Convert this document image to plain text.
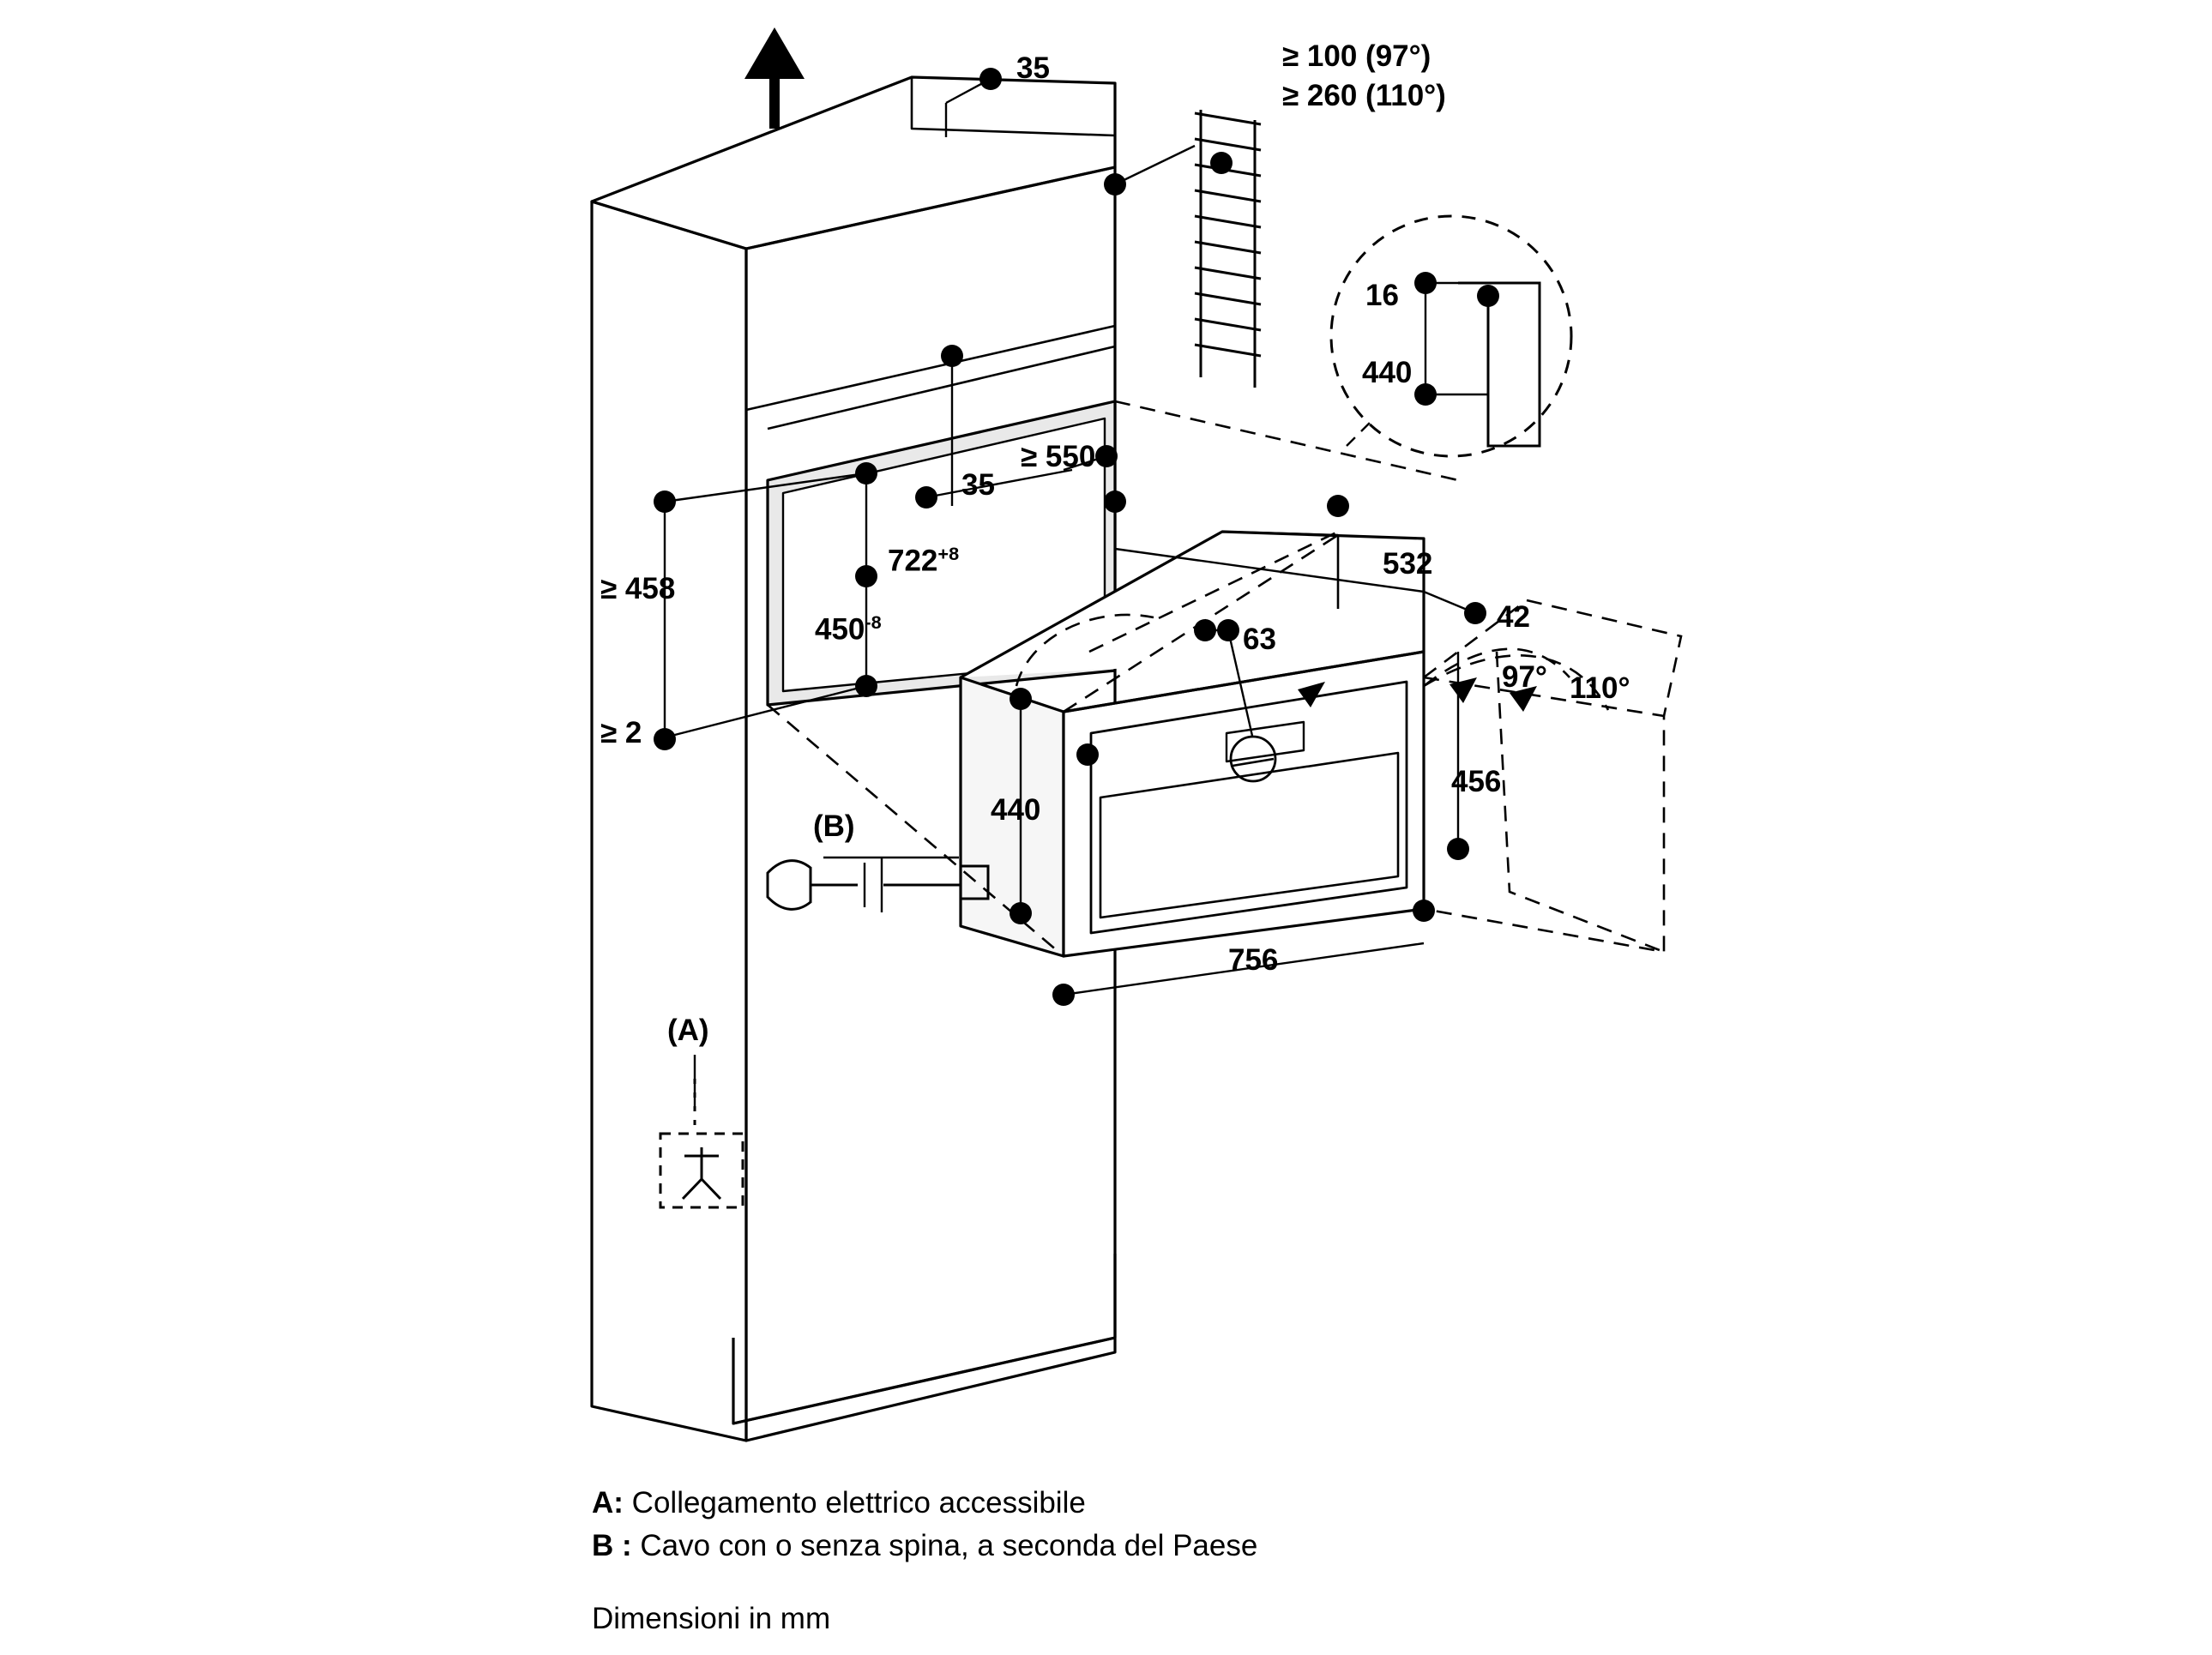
35	≥ 100 (97°)
≥ 260 (110°)
16
440
≥ 550
35
$722^{+8}$
$450^{-8}$
≥ 458
≥ 2
532
42
63
97° 110°
456
440
756
(A)
(B)
A: Collegamento elettrico accessibile
B : Cavo con o senza spina, a seconda del Paese
Dimensioni in mm
